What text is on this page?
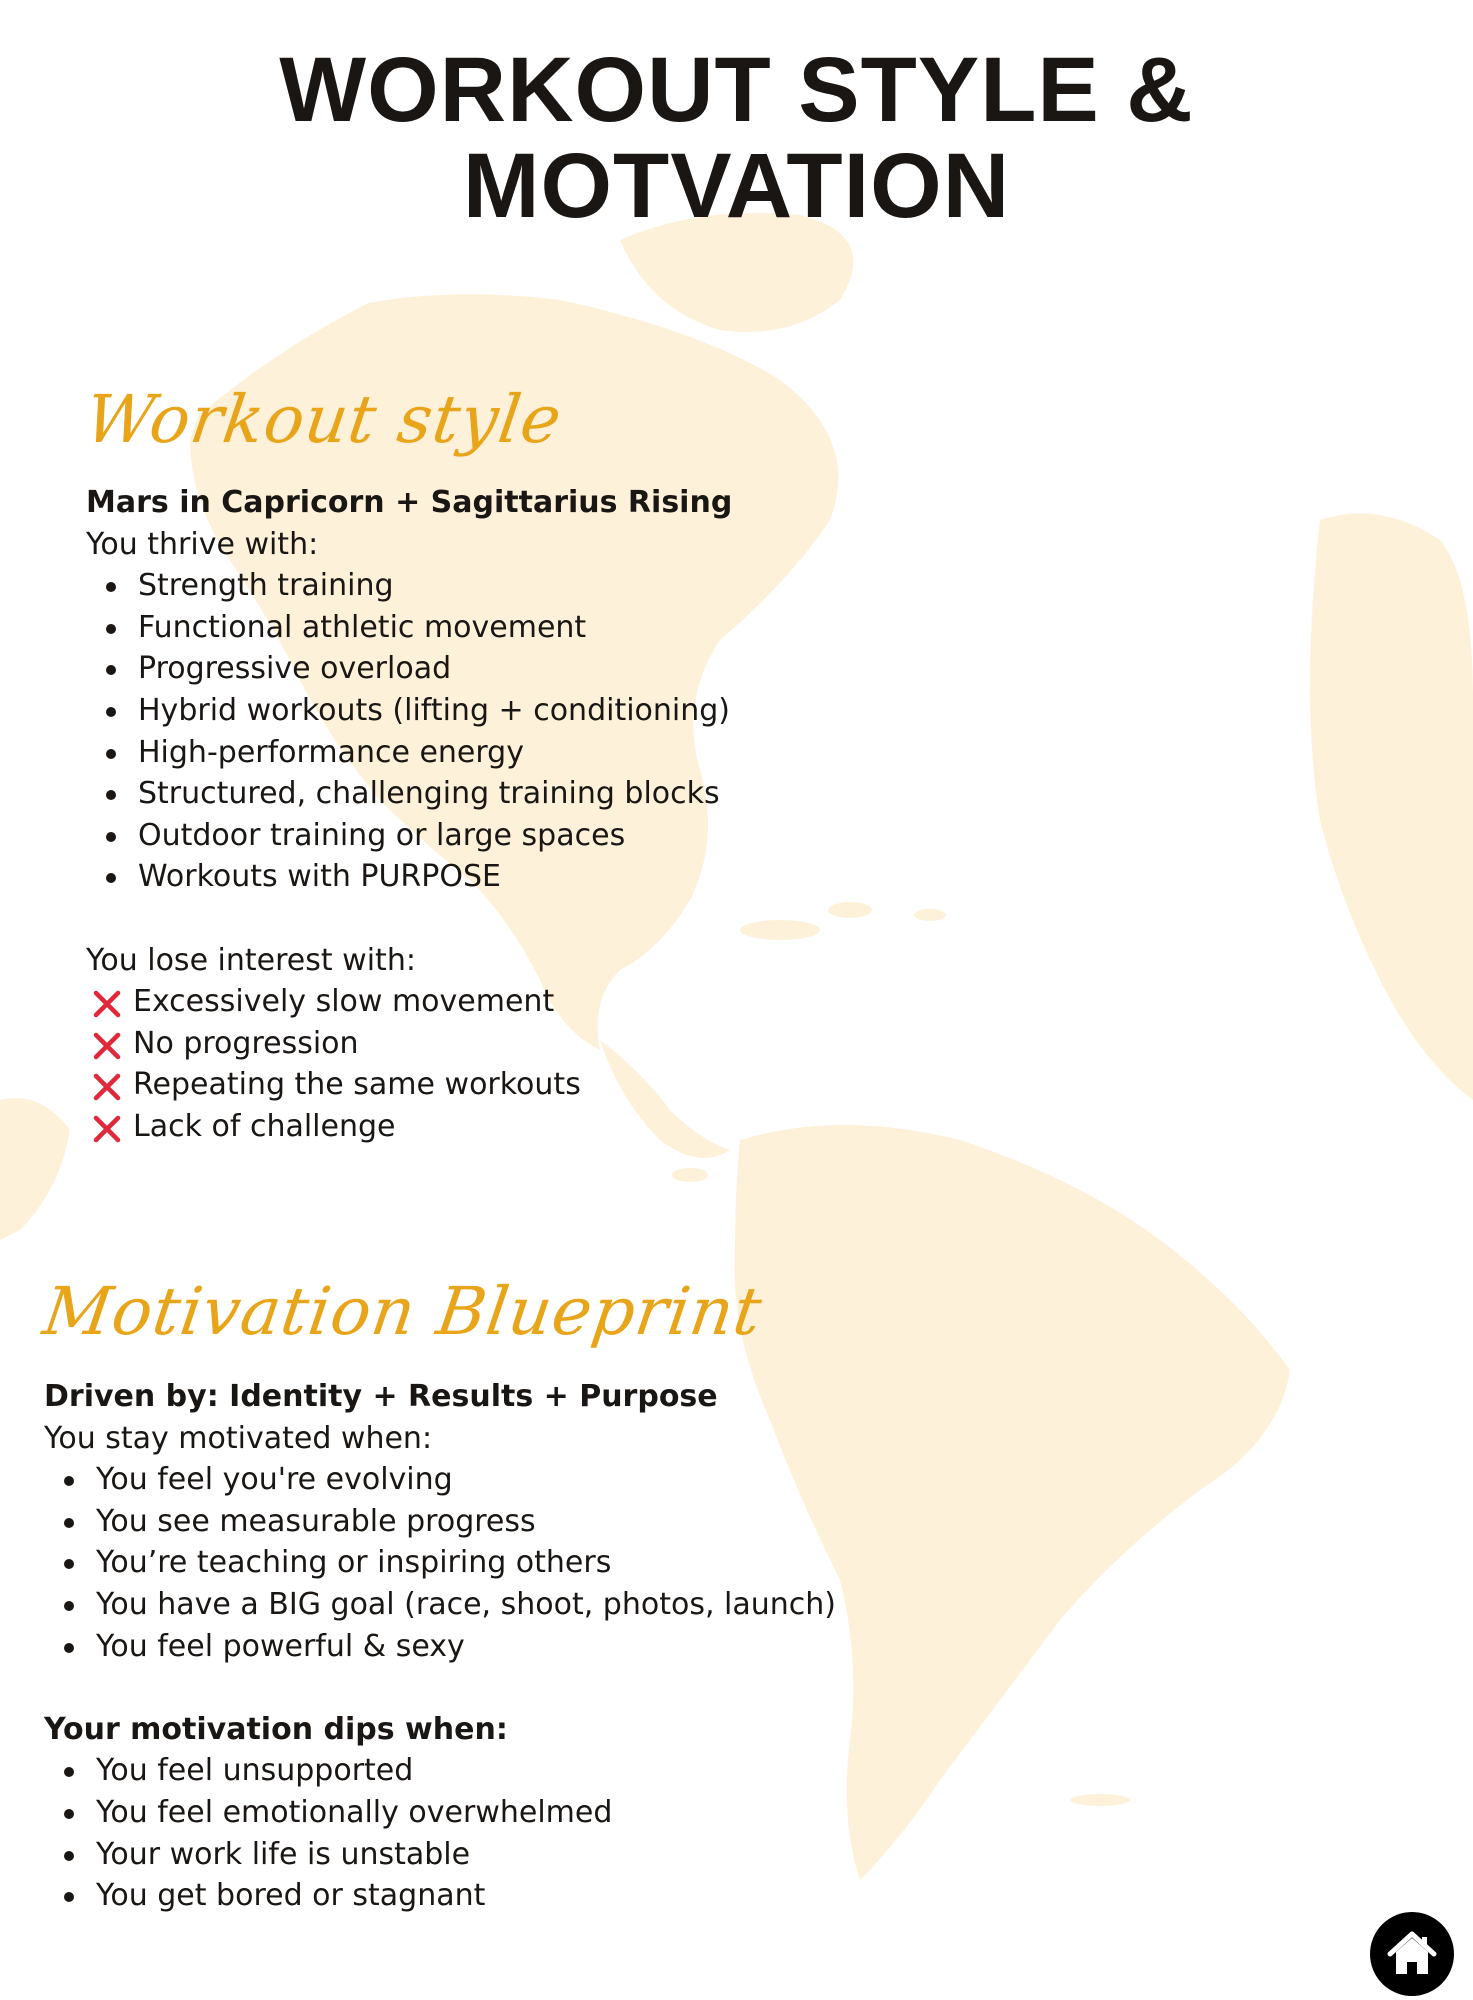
WORKOUT STYLE &
MOTVATION
Workout style

Mars in Capricorn + Sagittarius Rising

You thrive with:

Strength training
Functional athletic movement
Progressive overload
Hybrid workouts (lifting + conditioning)
High-performance energy
Structured, challenging training blocks
Outdoor training or large spaces
Workouts with PURPOSE

You lose interest with:

Excessively slow movement
No progression
Repeating the same workouts
Lack of challenge
Motivation Blueprint

Driven by: Identity + Results + Purpose

You stay motivated when:

You feel you're evolving
You see measurable progress
You’re teaching or inspiring others
You have a BIG goal (race, shoot, photos, launch)
You feel powerful & sexy

Your motivation dips when:

You feel unsupported
You feel emotionally overwhelmed
Your work life is unstable
You get bored or stagnant
